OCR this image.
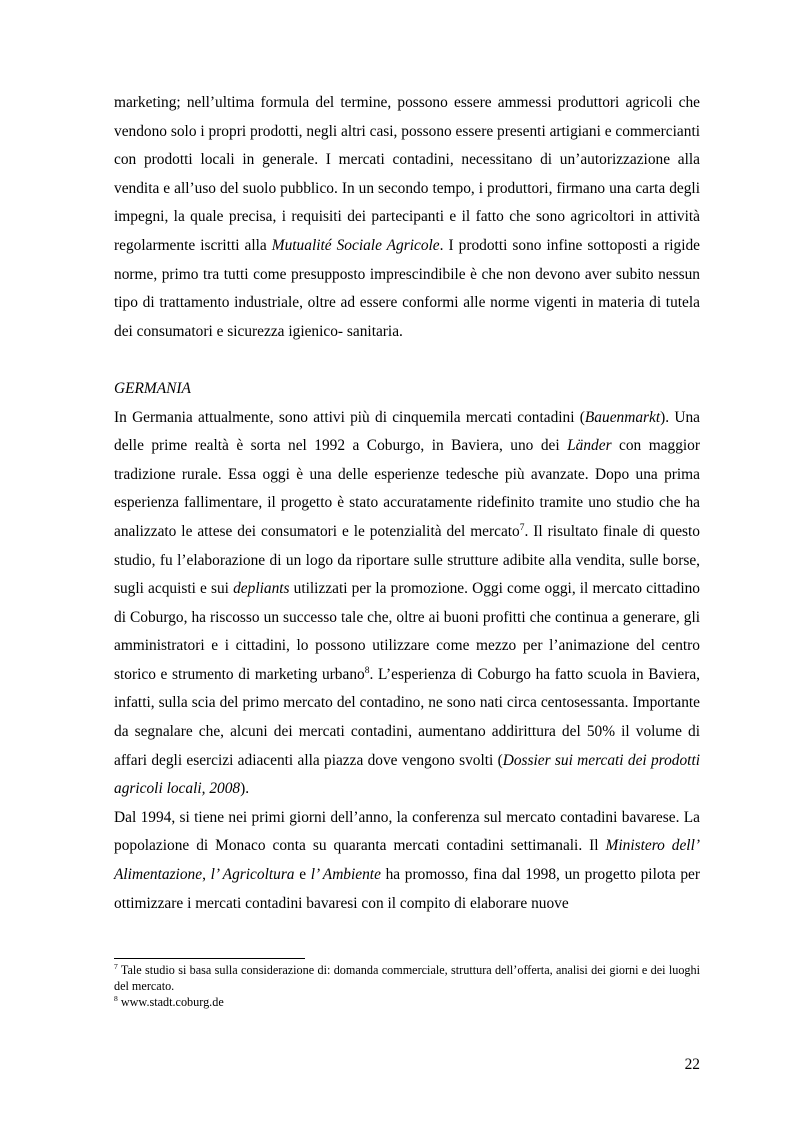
marketing; nell’ultima formula del termine, possono essere ammessi produttori agricoli che vendono solo i propri prodotti, negli altri casi, possono essere presenti artigiani e commercianti con prodotti locali in generale. I mercati contadini, necessitano di un’autorizzazione alla vendita e all’uso del suolo pubblico. In un secondo tempo, i produttori, firmano una carta degli impegni, la quale precisa, i requisiti dei partecipanti e il fatto che sono agricoltori in attività regolarmente iscritti alla Mutualité Sociale Agricole. I prodotti sono infine sottoposti a rigide norme, primo tra tutti come presupposto imprescindibile è che non devono aver subito nessun tipo di trattamento industriale, oltre ad essere conformi alle norme vigenti in materia di tutela dei consumatori e sicurezza igienico- sanitaria.

GERMANIA

In Germania attualmente, sono attivi più di cinquemila mercati contadini (Bauenmarkt). Una delle prime realtà è sorta nel 1992 a Coburgo, in Baviera, uno dei Länder con maggior tradizione rurale. Essa oggi è una delle esperienze tedesche più avanzate. Dopo una prima esperienza fallimentare, il progetto è stato accuratamente ridefinito tramite uno studio che ha analizzato le attese dei consumatori e le potenzialità del mercato$^7$. Il risultato finale di questo studio, fu l’elaborazione di un logo da riportare sulle strutture adibite alla vendita, sulle borse, sugli acquisti e sui depliants utilizzati per la promozione. Oggi come oggi, il mercato cittadino di Coburgo, ha riscosso un successo tale che, oltre ai buoni profitti che continua a generare, gli amministratori e i cittadini, lo possono utilizzare come mezzo per l’animazione del centro storico e strumento di marketing urbano$^8$. L’esperienza di Coburgo ha fatto scuola in Baviera, infatti, sulla scia del primo mercato del contadino, ne sono nati circa centosessanta. Importante da segnalare che, alcuni dei mercati contadini, aumentano addirittura del 50% il volume di affari degli esercizi adiacenti alla piazza dove vengono svolti (Dossier sui mercati dei prodotti agricoli locali, 2008).

Dal 1994, si tiene nei primi giorni dell’anno, la conferenza sul mercato contadini bavarese. La popolazione di Monaco conta su quaranta mercati contadini settimanali. Il Ministero dell’ Alimentazione, l’ Agricoltura e l’ Ambiente ha promosso, fina dal 1998, un progetto pilota per ottimizzare i mercati contadini bavaresi con il compito di elaborare nuove

$^7$ Tale studio si basa sulla considerazione di: domanda commerciale, struttura dell’offerta, analisi dei giorni e dei luoghi del mercato.

$^8$ www.stadt.coburg.de

22
